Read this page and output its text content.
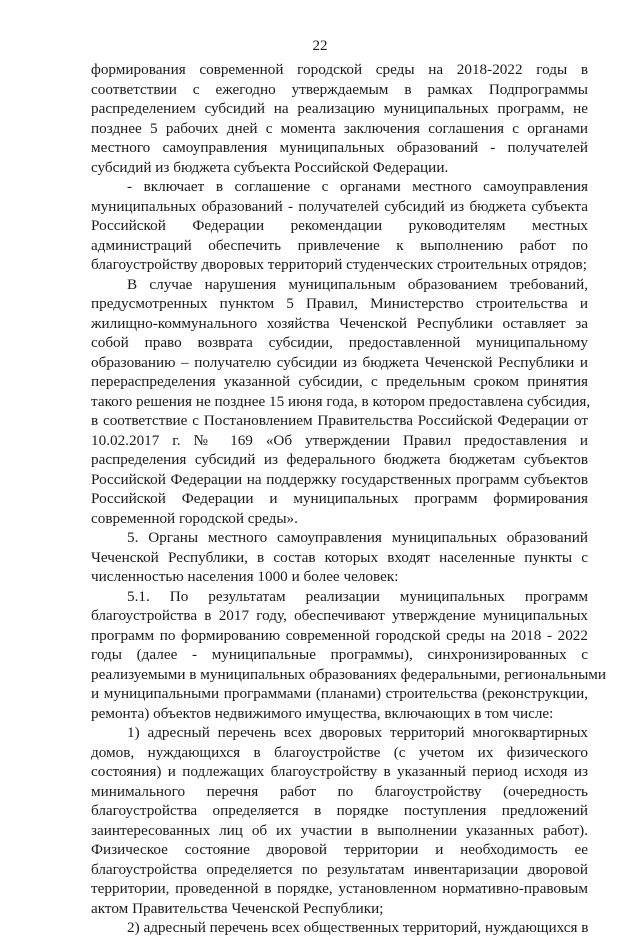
22

формирования современной городской среды на 2018-2022 годы в
соответствии с ежегодно утверждаемым в рамках Подпрограммы
распределением субсидий на реализацию муниципальных программ, не
позднее 5 рабочих дней с момента заключения соглашения с органами
местного самоуправления муниципальных образований - получателей
субсидий из бюджета субъекта Российской Федерации.

- включает в соглашение с органами местного самоуправления
муниципальных образований - получателей субсидий из бюджета субъекта
Российской Федерации рекомендации руководителям местных
администраций обеспечить привлечение к выполнению работ по
благоустройству дворовых территорий студенческих строительных отрядов;

В случае нарушения муниципальным образованием требований,
предусмотренных пунктом 5 Правил, Министерство строительства и
жилищно-коммунального хозяйства Чеченской Республики оставляет за
собой право возврата субсидии, предоставленной муниципальному
образованию – получателю субсидии из бюджета Чеченской Республики и
перераспределения указанной субсидии, с предельным сроком принятия
такого решения не позднее 15 июня года, в котором предоставлена субсидия,
в соответствие с Постановлением Правительства Российской Федерации от
10.02.2017 г. № 169 «Об утверждении Правил предоставления и
распределения субсидий из федерального бюджета бюджетам субъектов
Российской Федерации на поддержку государственных программ субъектов
Российской Федерации и муниципальных программ формирования
современной городской среды».

5. Органы местного самоуправления муниципальных образований
Чеченской Республики, в состав которых входят населенные пункты с
численностью населения 1000 и более человек:

5.1. По результатам реализации муниципальных программ
благоустройства в 2017 году, обеспечивают утверждение муниципальных
программ по формированию современной городской среды на 2018 - 2022
годы (далее - муниципальные программы), синхронизированных с
реализуемыми в муниципальных образованиях федеральными, региональными
и муниципальными программами (планами) строительства (реконструкции,
ремонта) объектов недвижимого имущества, включающих в том числе:

1) адресный перечень всех дворовых территорий многоквартирных
домов, нуждающихся в благоустройстве (с учетом их физического
состояния) и подлежащих благоустройству в указанный период исходя из
минимального перечня работ по благоустройству (очередность
благоустройства определяется в порядке поступления предложений
заинтересованных лиц об их участии в выполнении указанных работ).
Физическое состояние дворовой территории и необходимость ее
благоустройства определяется по результатам инвентаризации дворовой
территории, проведенной в порядке, установленном нормативно-правовым
актом Правительства Чеченской Республики;

2) адресный перечень всех общественных территорий, нуждающихся в
